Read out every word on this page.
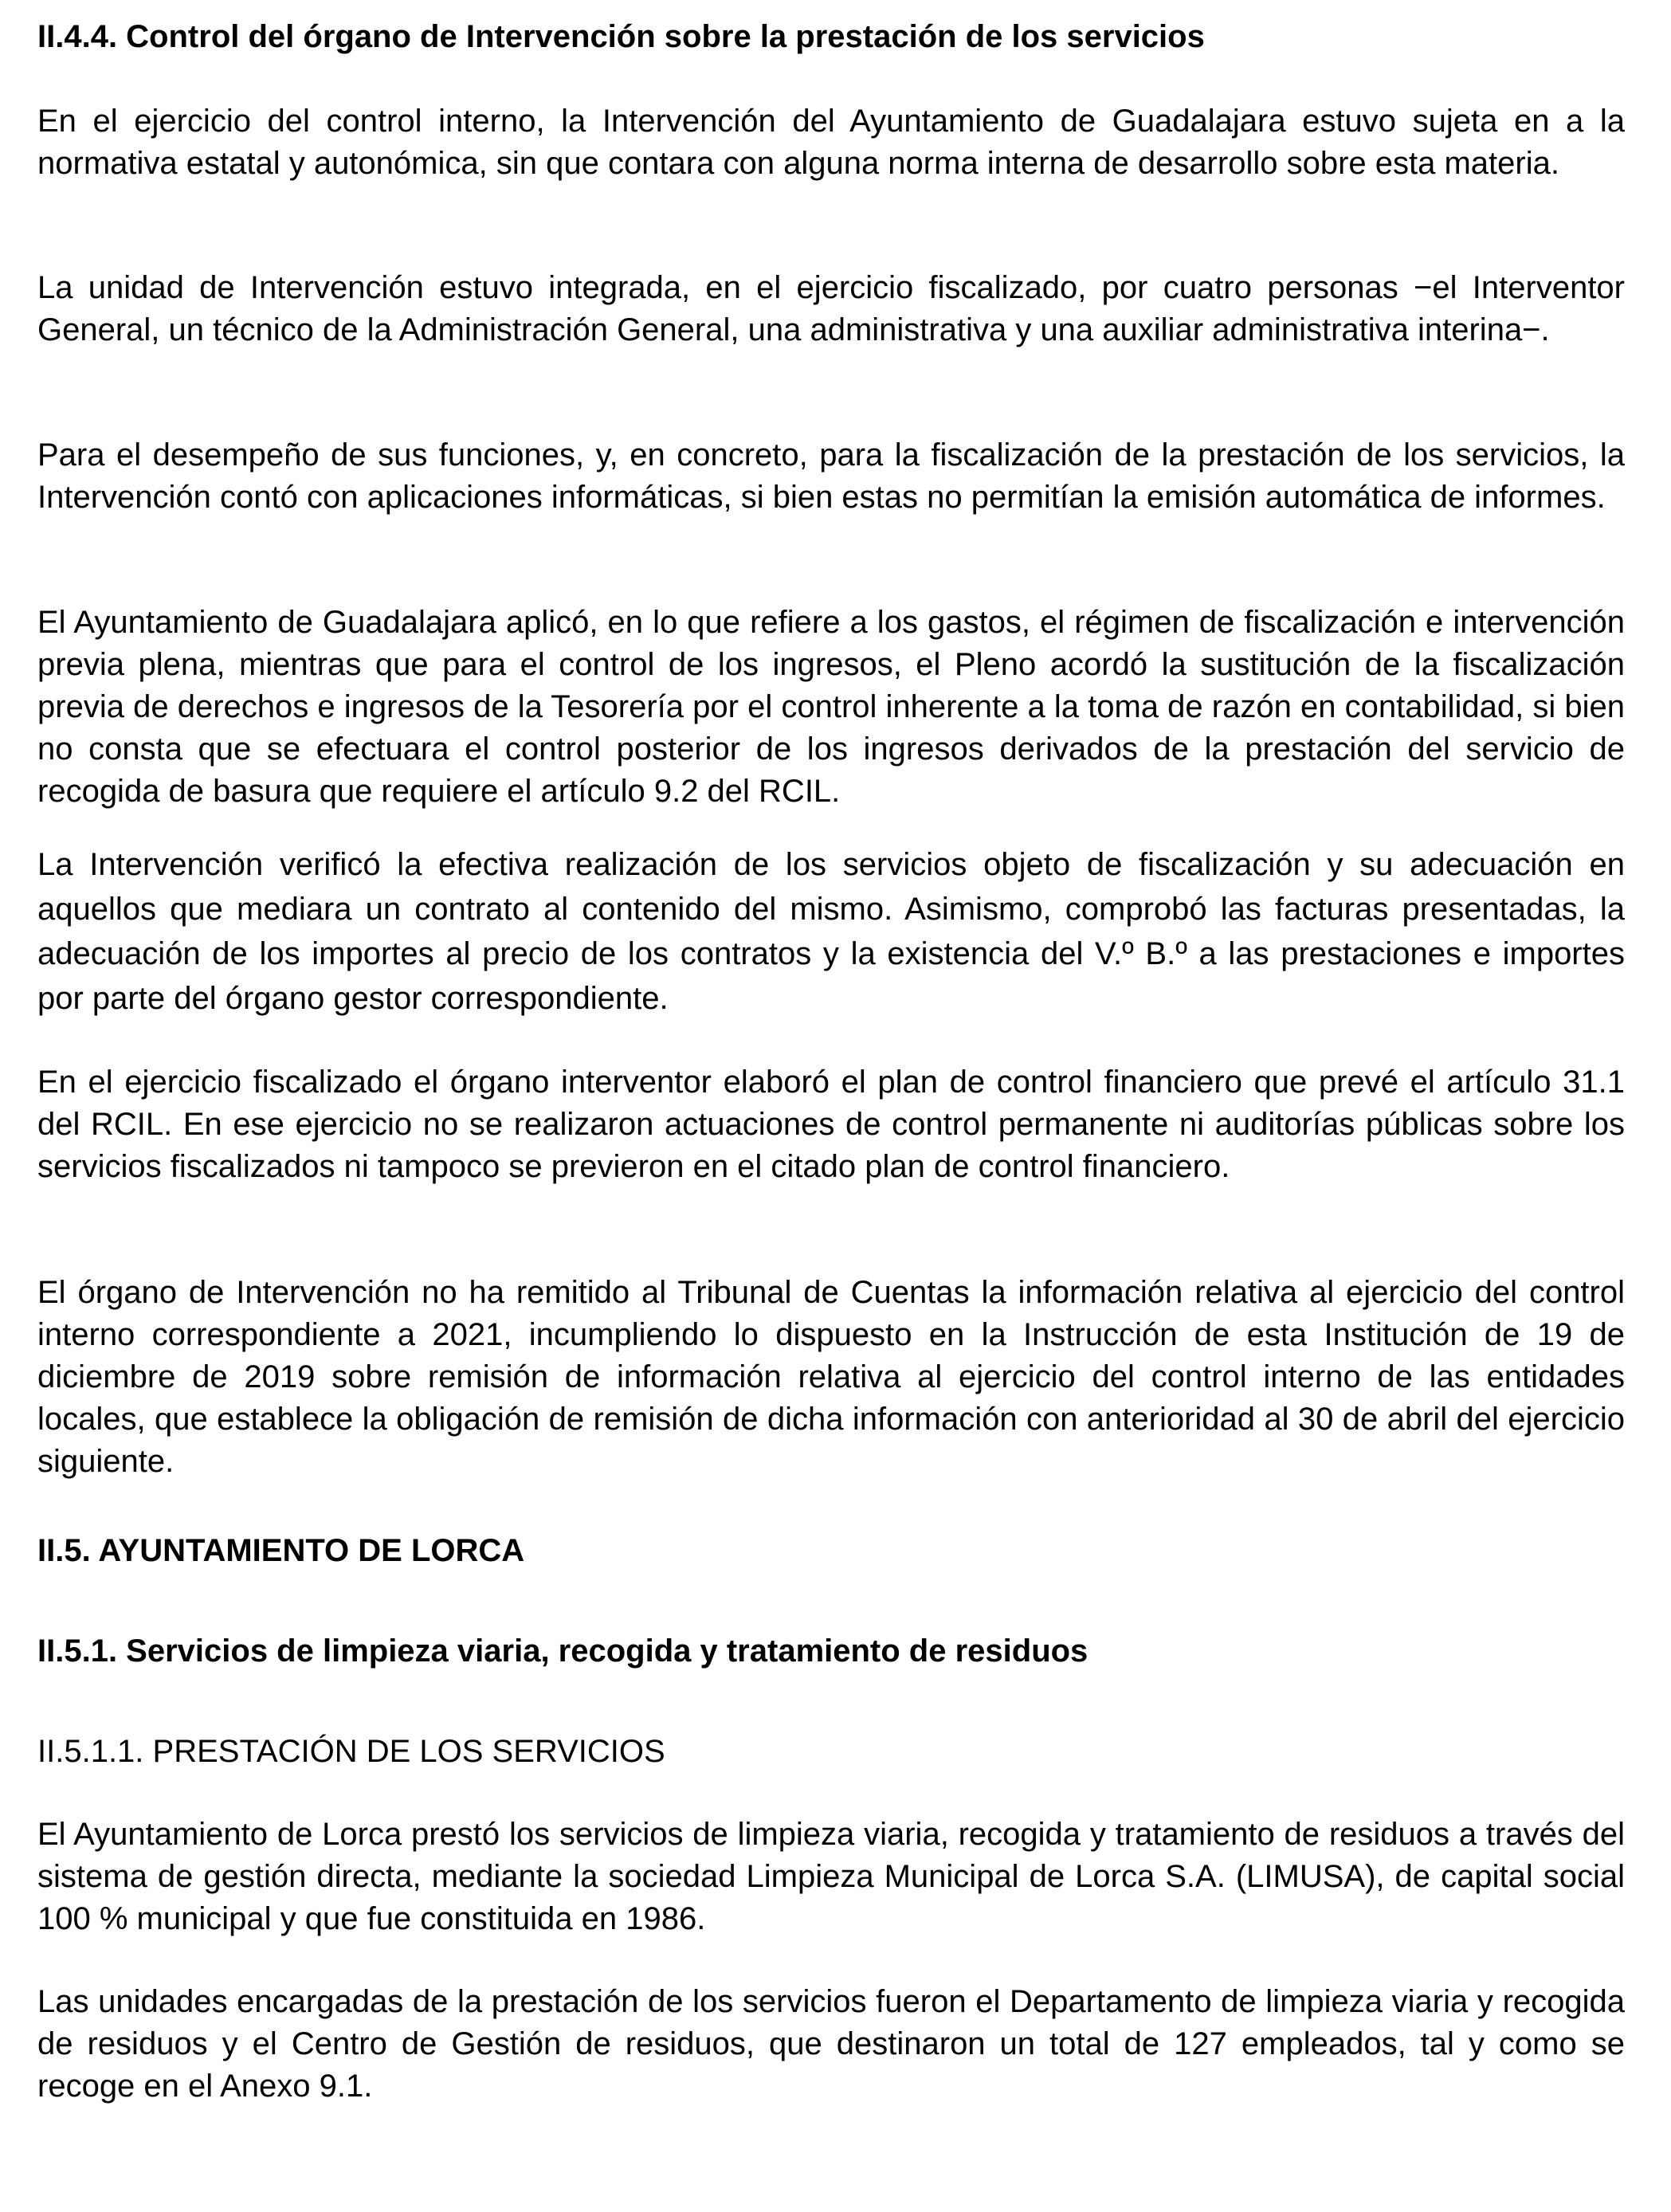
II.4.4. Control del órgano de Intervención sobre la prestación de los servicios

En el ejercicio del control interno, la Intervención del Ayuntamiento de Guadalajara estuvo sujeta en a la normativa estatal y autonómica, sin que contara con alguna norma interna de desarrollo sobre esta materia.

La unidad de Intervención estuvo integrada, en el ejercicio fiscalizado, por cuatro personas −el Interventor General, un técnico de la Administración General, una administrativa y una auxiliar administrativa interina−.

Para el desempeño de sus funciones, y, en concreto, para la fiscalización de la prestación de los servicios, la Intervención contó con aplicaciones informáticas, si bien estas no permitían la emisión automática de informes.

El Ayuntamiento de Guadalajara aplicó, en lo que refiere a los gastos, el régimen de fiscalización e intervención previa plena, mientras que para el control de los ingresos, el Pleno acordó la sustitución de la fiscalización previa de derechos e ingresos de la Tesorería por el control inherente a la toma de razón en contabilidad, si bien no consta que se efectuara el control posterior de los ingresos derivados de la prestación del servicio de recogida de basura que requiere el artículo 9.2 del RCIL.

La Intervención verificó la efectiva realización de los servicios objeto de fiscalización y su adecuación en aquellos que mediara un contrato al contenido del mismo. Asimismo, comprobó las facturas presentadas, la adecuación de los importes al precio de los contratos y la existencia del V.º B.º a las prestaciones e importes por parte del órgano gestor correspondiente.

En el ejercicio fiscalizado el órgano interventor elaboró el plan de control financiero que prevé el artículo 31.1 del RCIL. En ese ejercicio no se realizaron actuaciones de control permanente ni auditorías públicas sobre los servicios fiscalizados ni tampoco se previeron en el citado plan de control financiero.

El órgano de Intervención no ha remitido al Tribunal de Cuentas la información relativa al ejercicio del control interno correspondiente a 2021, incumpliendo lo dispuesto en la Instrucción de esta Institución de 19 de diciembre de 2019 sobre remisión de información relativa al ejercicio del control interno de las entidades locales, que establece la obligación de remisión de dicha información con anterioridad al 30 de abril del ejercicio siguiente.

II.5. AYUNTAMIENTO DE LORCA
II.5.1. Servicios de limpieza viaria, recogida y tratamiento de residuos
II.5.1.1. PRESTACIÓN DE LOS SERVICIOS

El Ayuntamiento de Lorca prestó los servicios de limpieza viaria, recogida y tratamiento de residuos a través del sistema de gestión directa, mediante la sociedad Limpieza Municipal de Lorca S.A. (LIMUSA), de capital social 100 % municipal y que fue constituida en 1986.

Las unidades encargadas de la prestación de los servicios fueron el Departamento de limpieza viaria y recogida de residuos y el Centro de Gestión de residuos, que destinaron un total de 127 empleados, tal y como se recoge en el Anexo 9.1.
